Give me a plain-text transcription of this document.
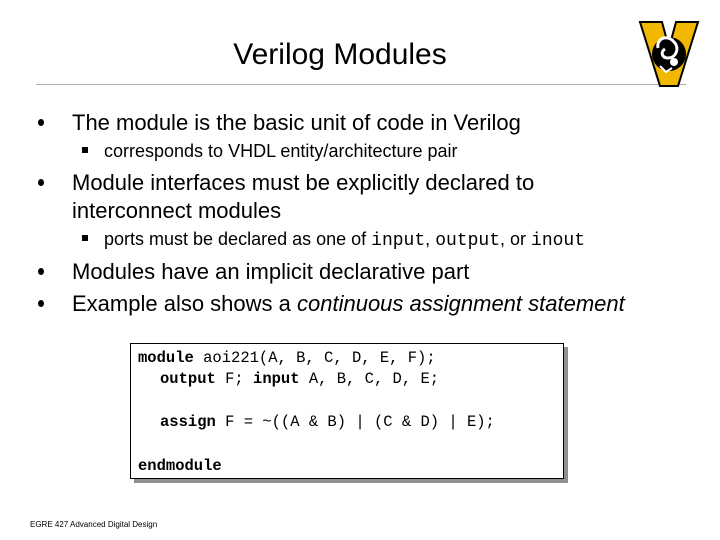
Verilog Modules
The module is the basic unit of code in Verilog
corresponds to VHDL entity/architecture pair
Module interfaces must be explicitly declared to
interconnect modules
ports must be declared as one of input, output, or inout
Modules have an implicit declarative part
Example also shows a continuous assignment statement
module aoi221(A, B, C, D, E, F);
output F; input A, B, C, D, E;
assign F = ~((A & B) | (C & D) | E);
endmodule
EGRE 427 Advanced Digital Design
